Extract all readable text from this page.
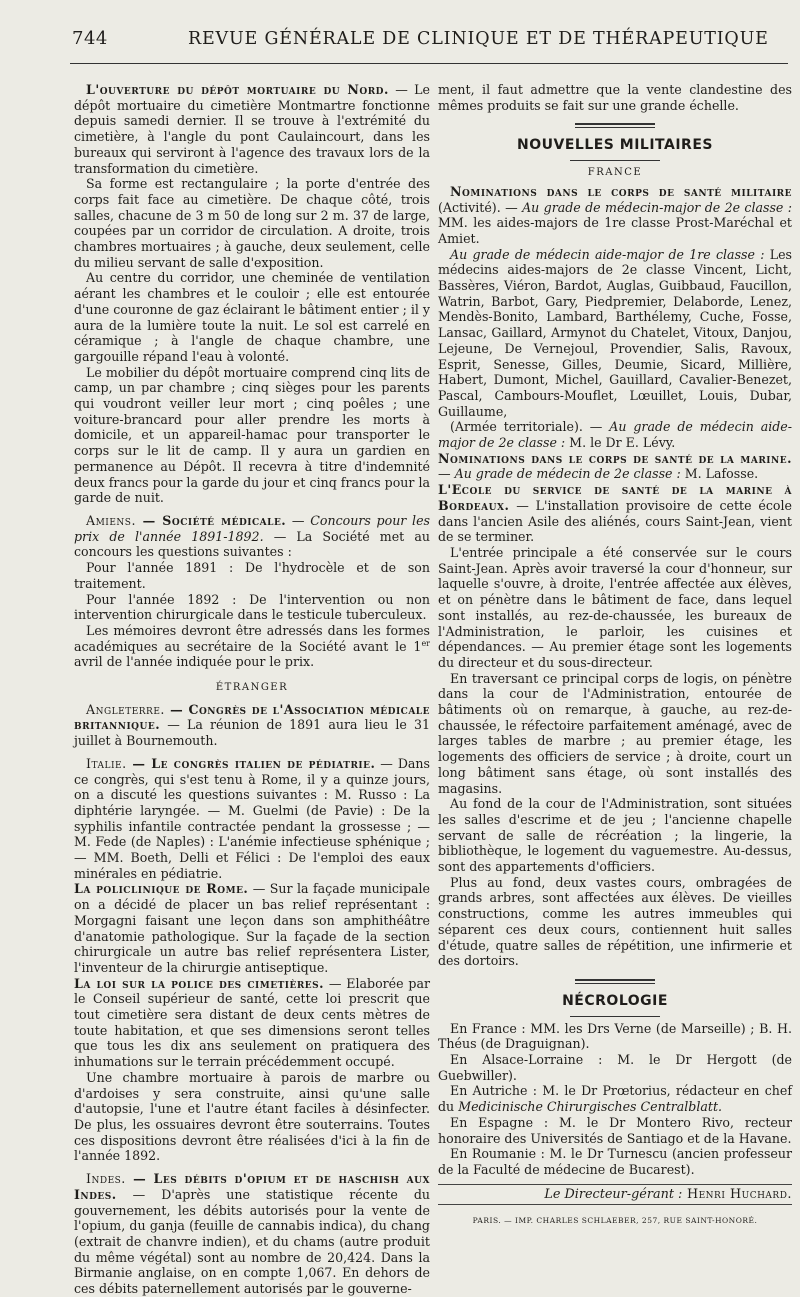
744	REVUE GÉNÉRALE DE CLINIQUE ET DE THÉRAPEUTIQUE

L'ouverture du dépôt mortuaire du Nord. — Le dépôt mortuaire du cimetière Montmartre fonctionne depuis samedi dernier. Il se trouve à l'extrémité du cimetière, à l'angle du pont Caulaincourt, dans les bureaux qui serviront à l'agence des travaux lors de la transformation du cimetière.

Sa forme est rectangulaire ; la porte d'entrée des corps fait face au cimetière. De chaque côté, trois salles, chacune de 3 m 50 de long sur 2 m. 37 de large, coupées par un corridor de circulation. A droite, trois chambres mortuaires ; à gauche, deux seulement, celle du milieu servant de salle d'exposition.

Au centre du corridor, une cheminée de ventilation aérant les chambres et le couloir ; elle est entourée d'une couronne de gaz éclairant le bâtiment entier ; il y aura de la lumière toute la nuit. Le sol est carrelé en céramique ; à l'angle de chaque chambre, une gargouille répand l'eau à volonté.

Le mobilier du dépôt mortuaire comprend cinq lits de camp, un par chambre ; cinq sièges pour les parents qui voudront veiller leur mort ; cinq poêles ; une voiture-brancard pour aller prendre les morts à domicile, et un appareil-hamac pour transporter le corps sur le lit de camp. Il y aura un gardien en permanence au Dépôt. Il recevra à titre d'indemnité deux francs pour la garde du jour et cinq francs pour la garde de nuit.

Amiens. — Société médicale. — Concours pour les prix de l'année 1891-1892. — La Société met au concours les questions suivantes :

Pour l'année 1891 : De l'hydrocèle et de son traitement.

Pour l'année 1892 : De l'intervention ou non intervention chirurgicale dans le testicule tuberculeux.

Les mémoires devront être adressés dans les formes académiques au secrétaire de la Société avant le 1er avril de l'année indiquée pour le prix.

ÉTRANGER

Angleterre. — Congrès de l'Association médicale britannique. — La réunion de 1891 aura lieu le 31 juillet à Bournemouth.

Italie. — Le congrès italien de pédiatrie. — Dans ce congrès, qui s'est tenu à Rome, il y a quinze jours, on a discuté les questions suivantes : M. Russo : La diphtérie laryngée. — M. Guelmi (de Pavie) : De la syphilis infantile contractée pendant la grossesse ; — M. Fede (de Naples) : L'anémie infectieuse sphénique ; — MM. Boeth, Delli et Félici : De l'emploi des eaux minérales en pédiatrie.

La policlinique de Rome. — Sur la façade municipale on a décidé de placer un bas relief représentant : Morgagni faisant une leçon dans son amphithéâtre d'anatomie pathologique. Sur la façade de la section chirurgicale un autre bas relief représentera Lister, l'inventeur de la chirurgie antiseptique.

La loi sur la police des cimetières. — Elaborée par le Conseil supérieur de santé, cette loi prescrit que tout cimetière sera distant de deux cents mètres de toute habitation, et que ses dimensions seront telles que tous les dix ans seulement on pratiquera des inhumations sur le terrain précédemment occupé.

Une chambre mortuaire à parois de marbre ou d'ardoises y sera construite, ainsi qu'une salle d'autopsie, l'une et l'autre étant faciles à désinfecter. De plus, les ossuaires devront être souterrains. Toutes ces dispositions devront être réalisées d'ici à la fin de l'année 1892.

Indes. — Les débits d'opium et de haschish aux Indes. — D'après une statistique récente du gouvernement, les débits autorisés pour la vente de l'opium, du ganja (feuille de cannabis indica), du chang (extrait de chanvre indien), et du chams (autre produit du même végétal) sont au nombre de 20,424. Dans la Birmanie anglaise, on en compte 1,067. En dehors de ces débits paternellement autorisés par le gouverne-

ment, il faut admettre que la vente clandestine des mêmes produits se fait sur une grande échelle.

NOUVELLES MILITAIRES
FRANCE

Nominations dans le corps de santé militaire (Activité). — Au grade de médecin-major de 2e classe : MM. les aides-majors de 1re classe Prost-Maréchal et Amiet.

Au grade de médecin aide-major de 1re classe : Les médecins aides-majors de 2e classe Vincent, Licht, Bassères, Viéron, Bardot, Auglas, Guibbaud, Faucillon, Watrin, Barbot, Gary, Piedpremier, Delaborde, Lenez, Mendès-Bonito, Lambard, Barthélemy, Cuche, Fosse, Lansac, Gaillard, Armynot du Chatelet, Vitoux, Danjou, Lejeune, De Vernejoul, Provendier, Salis, Ravoux, Esprit, Senesse, Gilles, Deumie, Sicard, Millière, Habert, Dumont, Michel, Gauillard, Cavalier-Benezet, Pascal, Cambours-Mouflet, Lœuillet, Louis, Dubar, Guillaume,

(Armée territoriale). — Au grade de médecin aide-major de 2e classe : M. le Dr E. Lévy.

Nominations dans le corps de santé de la marine. — Au grade de médecin de 2e classe : M. Lafosse.

L'Ecole du service de santé de la marine à Bordeaux. — L'installation provisoire de cette école dans l'ancien Asile des aliénés, cours Saint-Jean, vient de se terminer.

L'entrée principale a été conservée sur le cours Saint-Jean. Après avoir traversé la cour d'honneur, sur laquelle s'ouvre, à droite, l'entrée affectée aux élèves, et on pénètre dans le bâtiment de face, dans lequel sont installés, au rez-de-chaussée, les bureaux de l'Administration, le parloir, les cuisines et dépendances. — Au premier étage sont les logements du directeur et du sous-directeur.

En traversant ce principal corps de logis, on pénètre dans la cour de l'Administration, entourée de bâtiments où on remarque, à gauche, au rez-de-chaussée, le réfectoire parfaitement aménagé, avec de larges tables de marbre ; au premier étage, les logements des officiers de service ; à droite, court un long bâtiment sans étage, où sont installés des magasins.

Au fond de la cour de l'Administration, sont situées les salles d'escrime et de jeu ; l'ancienne chapelle servant de salle de récréation ; la lingerie, la bibliothèque, le logement du vaguemestre. Au-dessus, sont des appartements d'officiers.

Plus au fond, deux vastes cours, ombragées de grands arbres, sont affectées aux élèves. De vieilles constructions, comme les autres immeubles qui séparent ces deux cours, contiennent huit salles d'étude, quatre salles de répétition, une infirmerie et des dortoirs.

NÉCROLOGIE

En France : MM. les Drs Verne (de Marseille) ; B. H. Théus (de Draguignan).

En Alsace-Lorraine : M. le Dr Hergott (de Guebwiller).

En Autriche : M. le Dr Prœtorius, rédacteur en chef du Medicinische Chirurgisches Centralblatt.

En Espagne : M. le Dr Montero Rivo, recteur honoraire des Universités de Santiago et de la Havane.

En Roumanie : M. le Dr Turnescu (ancien professeur de la Faculté de médecine de Bucarest).

Le Directeur-gérant : Henri Huchard.
PARIS. — IMP. CHARLES SCHLAEBER, 257, RUE SAINT-HONORÉ.
